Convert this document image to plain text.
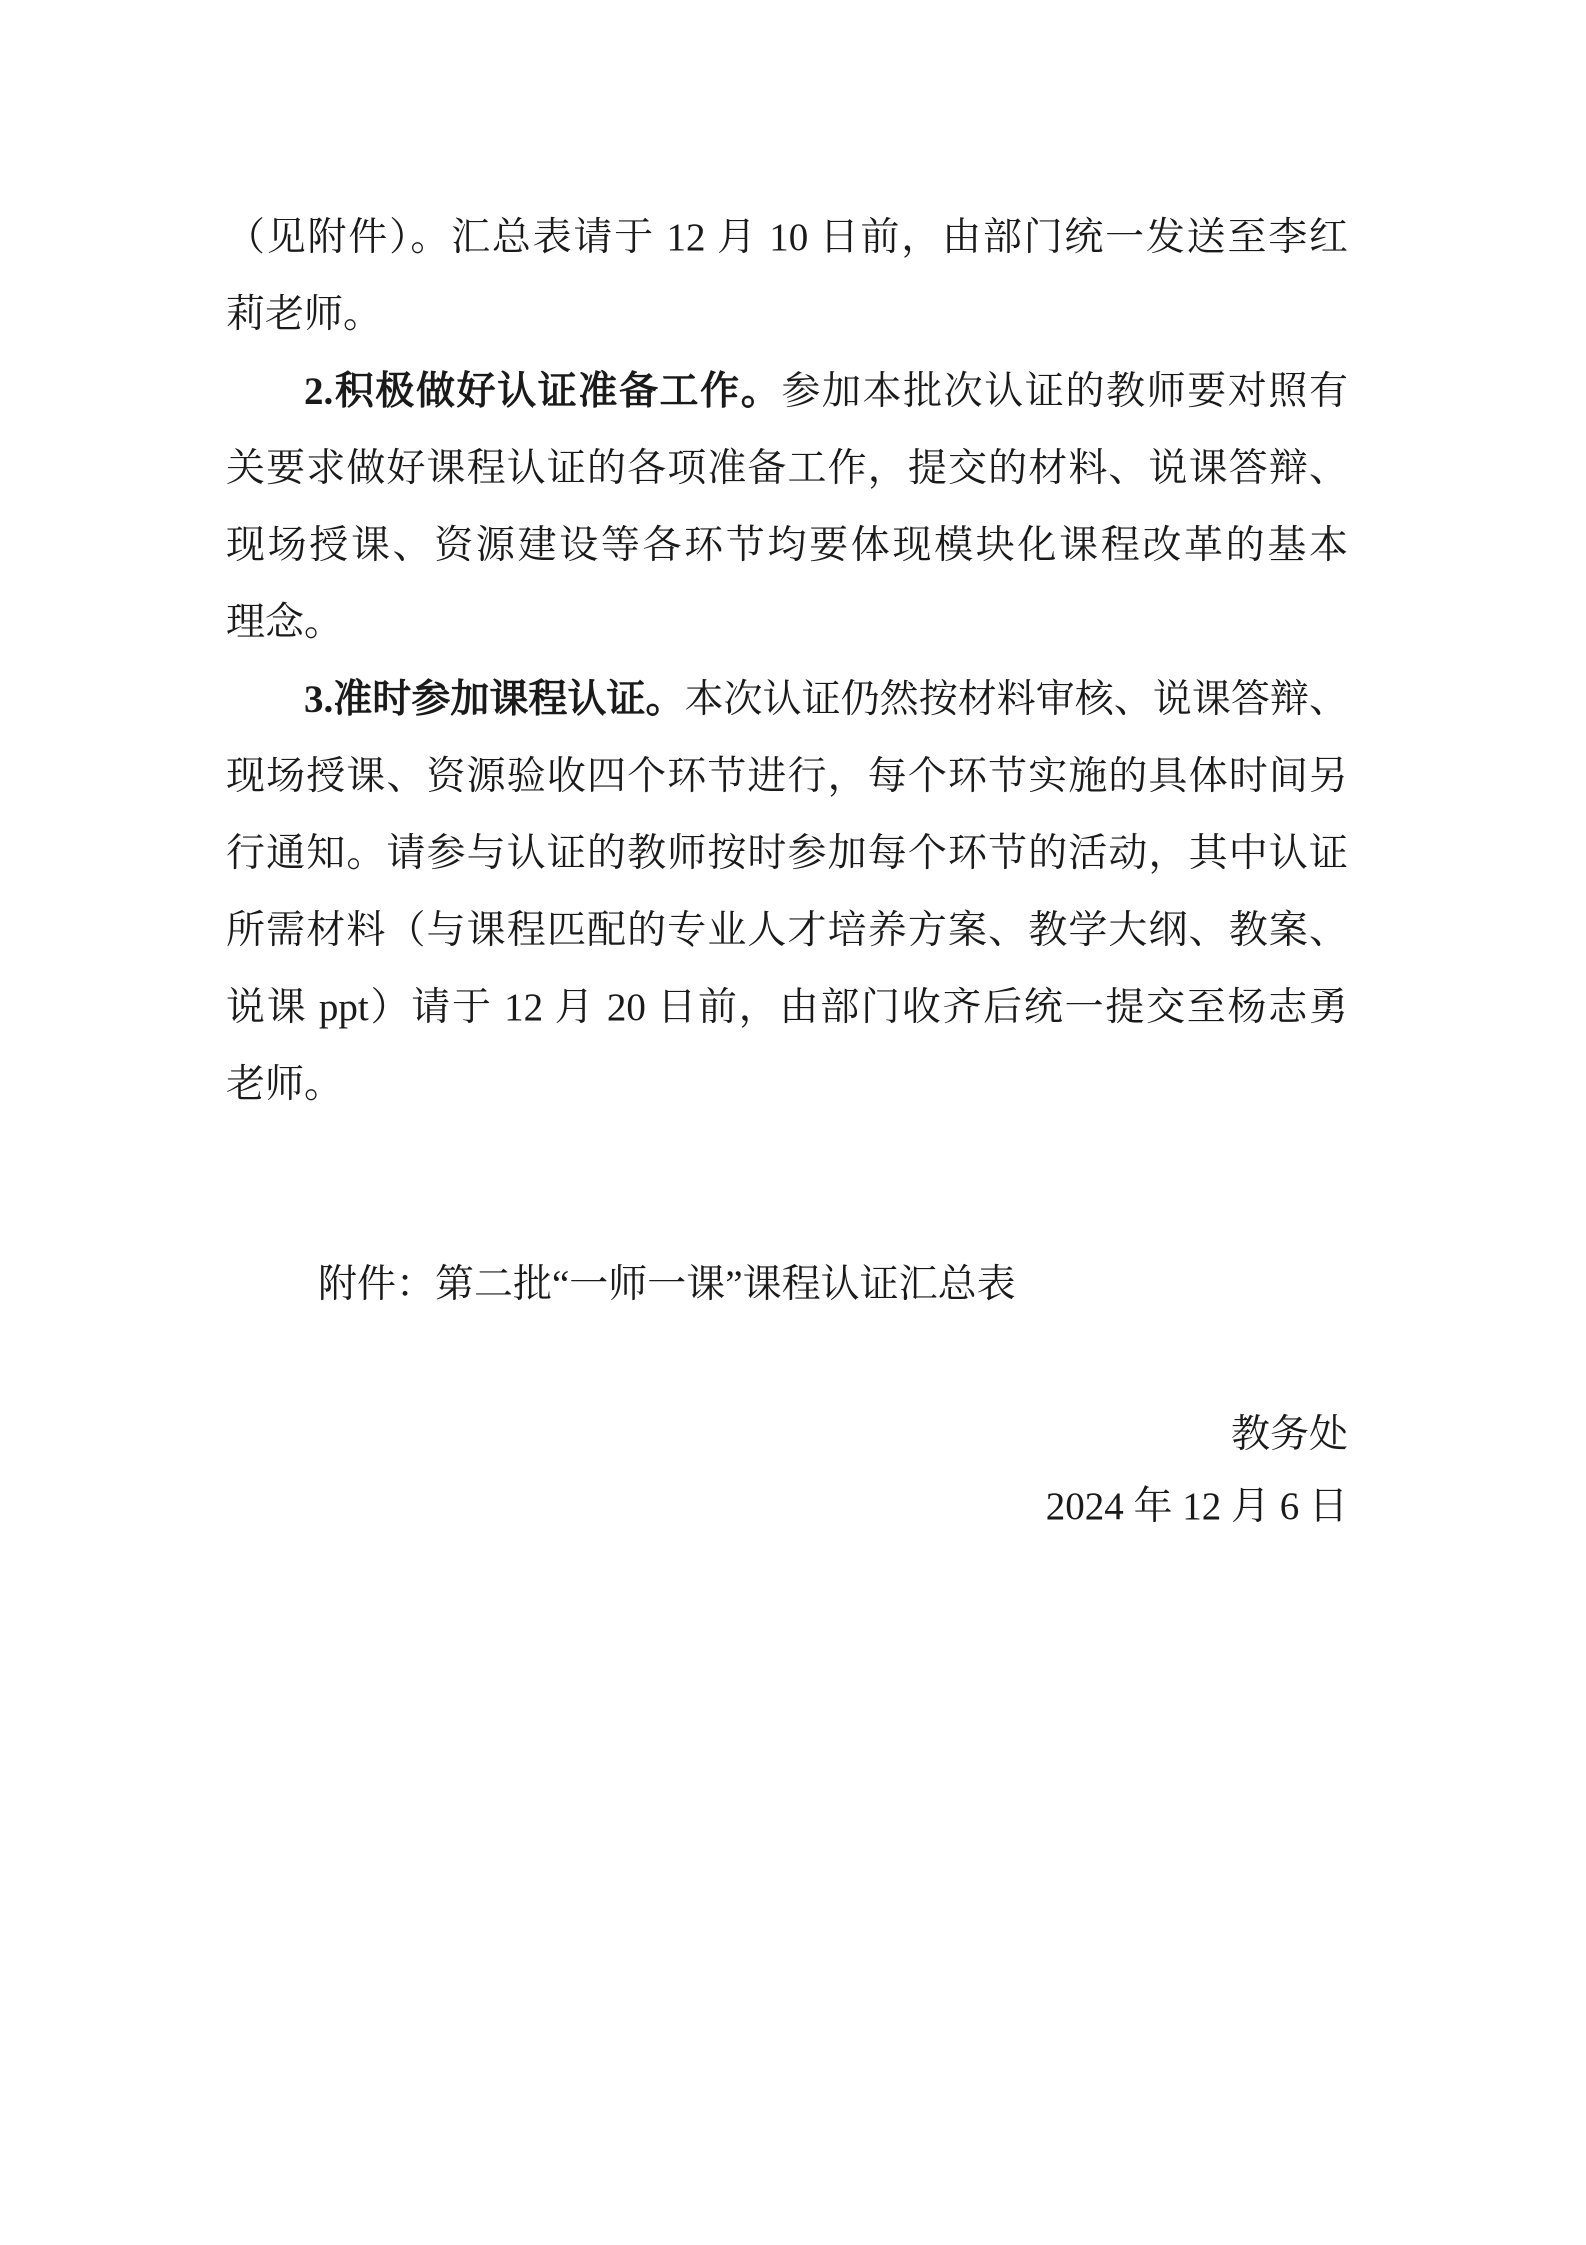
（见附件）。汇总表请于 12 月 10 日前，由部门统一发送至李红
莉老师。
2.积极做好认证准备工作。参加本批次认证的教师要对照有
关要求做好课程认证的各项准备工作，提交的材料、说课答辩、
现场授课、资源建设等各环节均要体现模块化课程改革的基本
理念。
3.准时参加课程认证。本次认证仍然按材料审核、说课答辩、
现场授课、资源验收四个环节进行，每个环节实施的具体时间另
行通知。请参与认证的教师按时参加每个环节的活动，其中认证
所需材料（与课程匹配的专业人才培养方案、教学大纲、教案、
说课 ppt）请于 12 月 20 日前，由部门收齐后统一提交至杨志勇
老师。
附件：第二批“一师一课”课程认证汇总表
教务处
2024 年 12 月 6 日
